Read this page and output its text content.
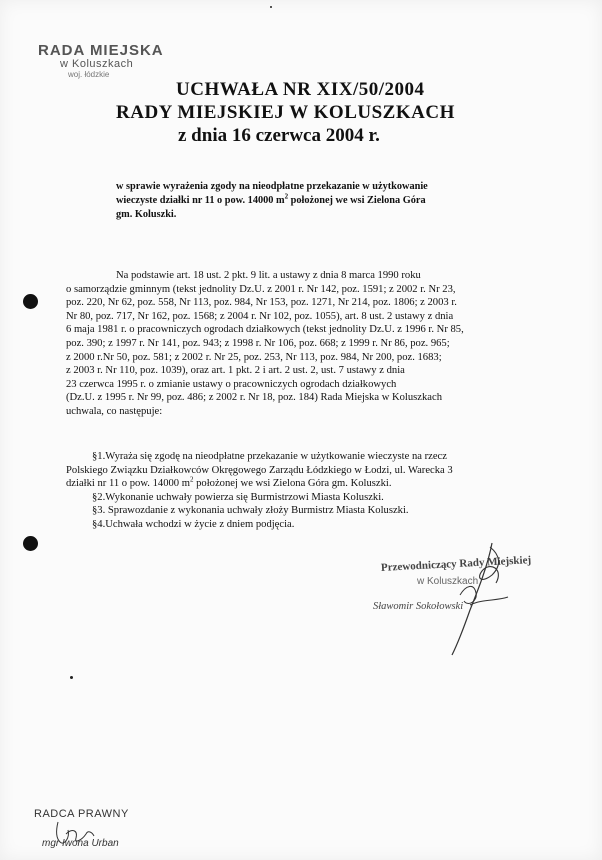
RADA MIEJSKA
w Koluszkach
woj. łódzkie
UCHWAŁA NR XIX/50/2004
RADY MIEJSKIEJ W KOLUSZKACH
z dnia 16 czerwca 2004 r.
w sprawie wyrażenia zgody na nieodpłatne przekazanie w użytkowanie
wieczyste działki nr 11 o pow. 14000 $m^2$ położonej we wsi Zielona Góra
gm. Koluszki.
Na podstawie art. 18 ust. 2 pkt. 9 lit. a ustawy z dnia 8 marca 1990 roku
o samorządzie gminnym (tekst jednolity Dz.U. z 2001 r. Nr 142, poz. 1591; z 2002 r. Nr 23,
poz. 220, Nr 62, poz. 558, Nr 113, poz. 984, Nr 153, poz. 1271, Nr 214, poz. 1806; z 2003 r.
Nr 80, poz. 717, Nr 162, poz. 1568; z 2004 r. Nr 102, poz. 1055), art. 8 ust. 2 ustawy z dnia
6 maja 1981 r. o pracowniczych ogrodach działkowych (tekst jednolity Dz.U. z 1996 r. Nr 85,
poz. 390; z 1997 r. Nr 141, poz. 943; z 1998 r. Nr 106, poz. 668; z 1999 r. Nr 86, poz. 965;
z 2000 r.Nr 50, poz. 581; z 2002 r. Nr 25, poz. 253, Nr 113, poz. 984, Nr 200, poz. 1683;
z 2003 r. Nr 110, poz. 1039), oraz art. 1 pkt. 2 i art. 2 ust. 2, ust. 7 ustawy z dnia
23 czerwca 1995 r. o zmianie ustawy o pracowniczych ogrodach działkowych
(Dz.U. z 1995 r. Nr 99, poz. 486; z 2002 r. Nr 18, poz. 184) Rada Miejska w Koluszkach
uchwala, co następuje:

§1.Wyraża się zgodę na nieodpłatne przekazanie w użytkowanie wieczyste na rzecz

Polskiego Związku Działkowców Okręgowego Zarządu Łódzkiego w Łodzi, ul. Warecka 3

działki nr 11 o pow. 14000 $m^2$ położonej we wsi Zielona Góra gm. Koluszki.

§2.Wykonanie uchwały powierza się Burmistrzowi Miasta Koluszki.

§3. Sprawozdanie z wykonania uchwały złoży Burmistrz Miasta Koluszki.

§4.Uchwała wchodzi w życie z dniem podjęcia.

Przewodniczący Rady Miejskiej
w Koluszkach
Sławomir Sokołowski
RADCA PRAWNY
mgr Iwona Urban
